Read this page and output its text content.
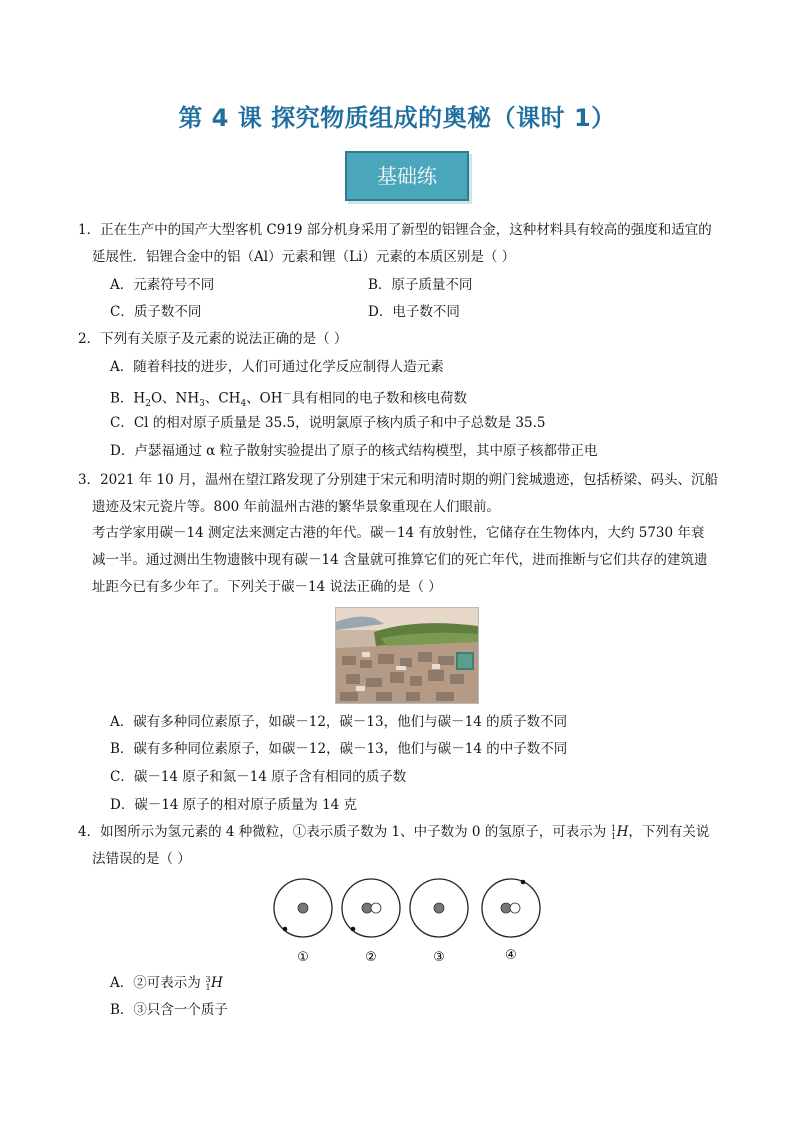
第 4 课 探究物质组成的奥秘（课时 1）
基础练
1．正在生产中的国产大型客机 C919 部分机身采用了新型的铝锂合金，这种材料具有较高的强度和适宜的
延展性．铝锂合金中的铝（Al）元素和锂（Li）元素的本质区别是（ ）
A．元素符号不同	B．原子质量不同
C．质子数不同	D．电子数不同
2．下列有关原子及元素的说法正确的是（ ）
A．随着科技的进步，人们可通过化学反应制得人造元素
B．$H_2O$、$NH_3$、$CH_4$、OH－具有相同的电子数和核电荷数
C．Cl 的相对原子质量是 35.5，说明氯原子核内质子和中子总数是 35.5
D．卢瑟福通过 α 粒子散射实验提出了原子的核式结构模型，其中原子核都带正电
3．2021 年 10 月，温州在望江路发现了分别建于宋元和明清时期的朔门瓮城遗迹，包括桥梁、码头、沉船
遗迹及宋元瓷片等。800 年前温州古港的繁华景象重现在人们眼前。
考古学家用碳－14 测定法来测定古港的年代。碳－14 有放射性，它储存在生物体内，大约 5730 年衰
减一半。通过测出生物遗骸中现有碳－14 含量就可推算它们的死亡年代，进而推断与它们共存的建筑遗
址距今已有多少年了。下列关于碳－14 说法正确的是（ ）
A．碳有多种同位素原子，如碳－12，碳－13，他们与碳－14 的质子数不同
B．碳有多种同位素原子，如碳－12，碳－13，他们与碳－14 的中子数不同
C．碳－14 原子和氮－14 原子含有相同的质子数
D．碳－14 原子的相对原子质量为 14 克
4．如图所示为氢元素的 4 种微粒，①表示质子数为 1、中子数为 0 的氢原子，可表示为 1
1 H，下列有关说
法错误的是（ ）
①	②	③	④
A．②可表示为 3
1 H
B．③只含一个质子
